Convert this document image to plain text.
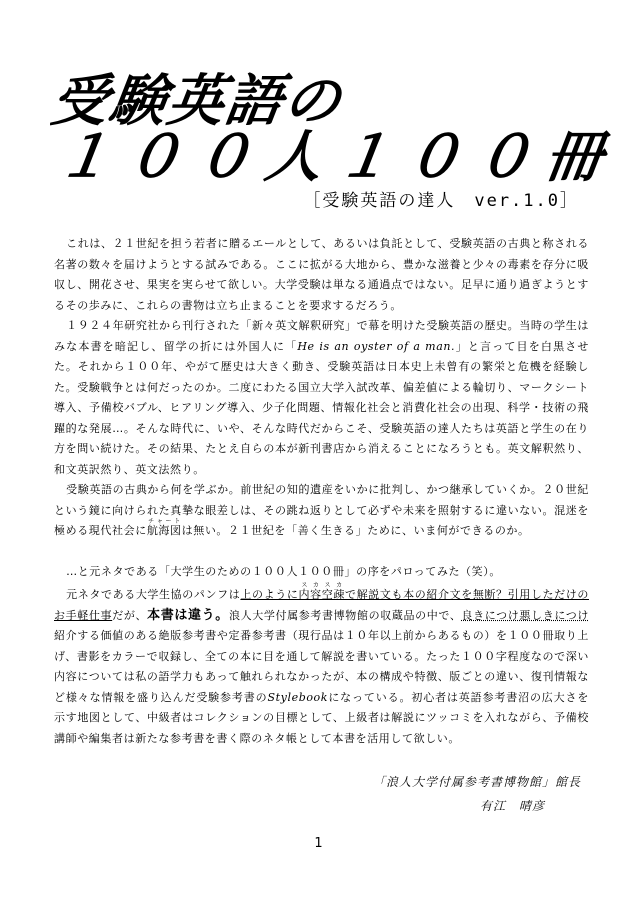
受験英語の
１００人１００冊
［受験英語の達人　ver.1.0］

これは、２１世紀を担う若者に贈るエールとして、あるいは負託として、受験英語の古典と称される名著の数々を届けようとする試みである。ここに拡がる大地から、豊かな滋養と少々の毒素を存分に吸収し、開花させ、果実を実らせて欲しい。大学受験は単なる通過点ではない。足早に通り過ぎようとするその歩みに、これらの書物は立ち止まることを要求するだろう。

１９２４年研究社から刊行された「新々英文解釈研究」で幕を明けた受験英語の歴史。当時の学生はみな本書を暗記し、留学の折には外国人に「He is an oyster of a man.」と言って目を白黒させた。それから１００年、やがて歴史は大きく動き、受験英語は日本史上未曾有の繁栄と危機を経験した。受験戦争とは何だったのか。二度にわたる国立大学入試改革、偏差値による輪切り、マークシート導入、予備校バブル、ヒアリング導入、少子化問題、情報化社会と消費化社会の出現、科学・技術の飛躍的な発展…。そんな時代に、いや、そんな時代だからこそ、受験英語の達人たちは英語と学生の在り方を問い続けた。その結果、たとえ自らの本が新刊書店から消えることになろうとも。英文解釈然り、和文英訳然り、英文法然り。

受験英語の古典から何を学ぶか。前世紀の知的遺産をいかに批判し、かつ継承していくか。２０世紀という鏡に向けられた真摯な眼差しは、その跳ね返りとして必ずや未来を照射するに違いない。混迷を極める現代社会に航海図チャートは無い。２１世紀を「善く生きる」ために、いま何ができるのか。

…と元ネタである「大学生のための１００人１００冊」の序をパロってみた（笑）。

元ネタである大学生協のパンフは上のように内容空疎スカスカで解説文も本の紹介文を無断？引用しただけのお手軽仕事だが、本書は違う。浪人大学付属参考書博物館の収蔵品の中で、良きにつけ悪しきにつけ紹介する価値のある絶版参考書や定番参考書（現行品は１０年以上前からあるもの）を１００冊取り上げ、書影をカラーで収録し、全ての本に目を通して解説を書いている。たった１００字程度なので深い内容については私の語学力もあって触れられなかったが、本の構成や特徴、版ごとの違い、復刊情報など様々な情報を盛り込んだ受験参考書のStylebookになっている。初心者は英語参考書沼の広大さを示す地図として、中級者はコレクションの目標として、上級者は解説にツッコミを入れながら、予備校講師や編集者は新たな参考書を書く際のネタ帳として本書を活用して欲しい。

「浪人大学付属参考書博物館」館長
有江　晴彦
1
